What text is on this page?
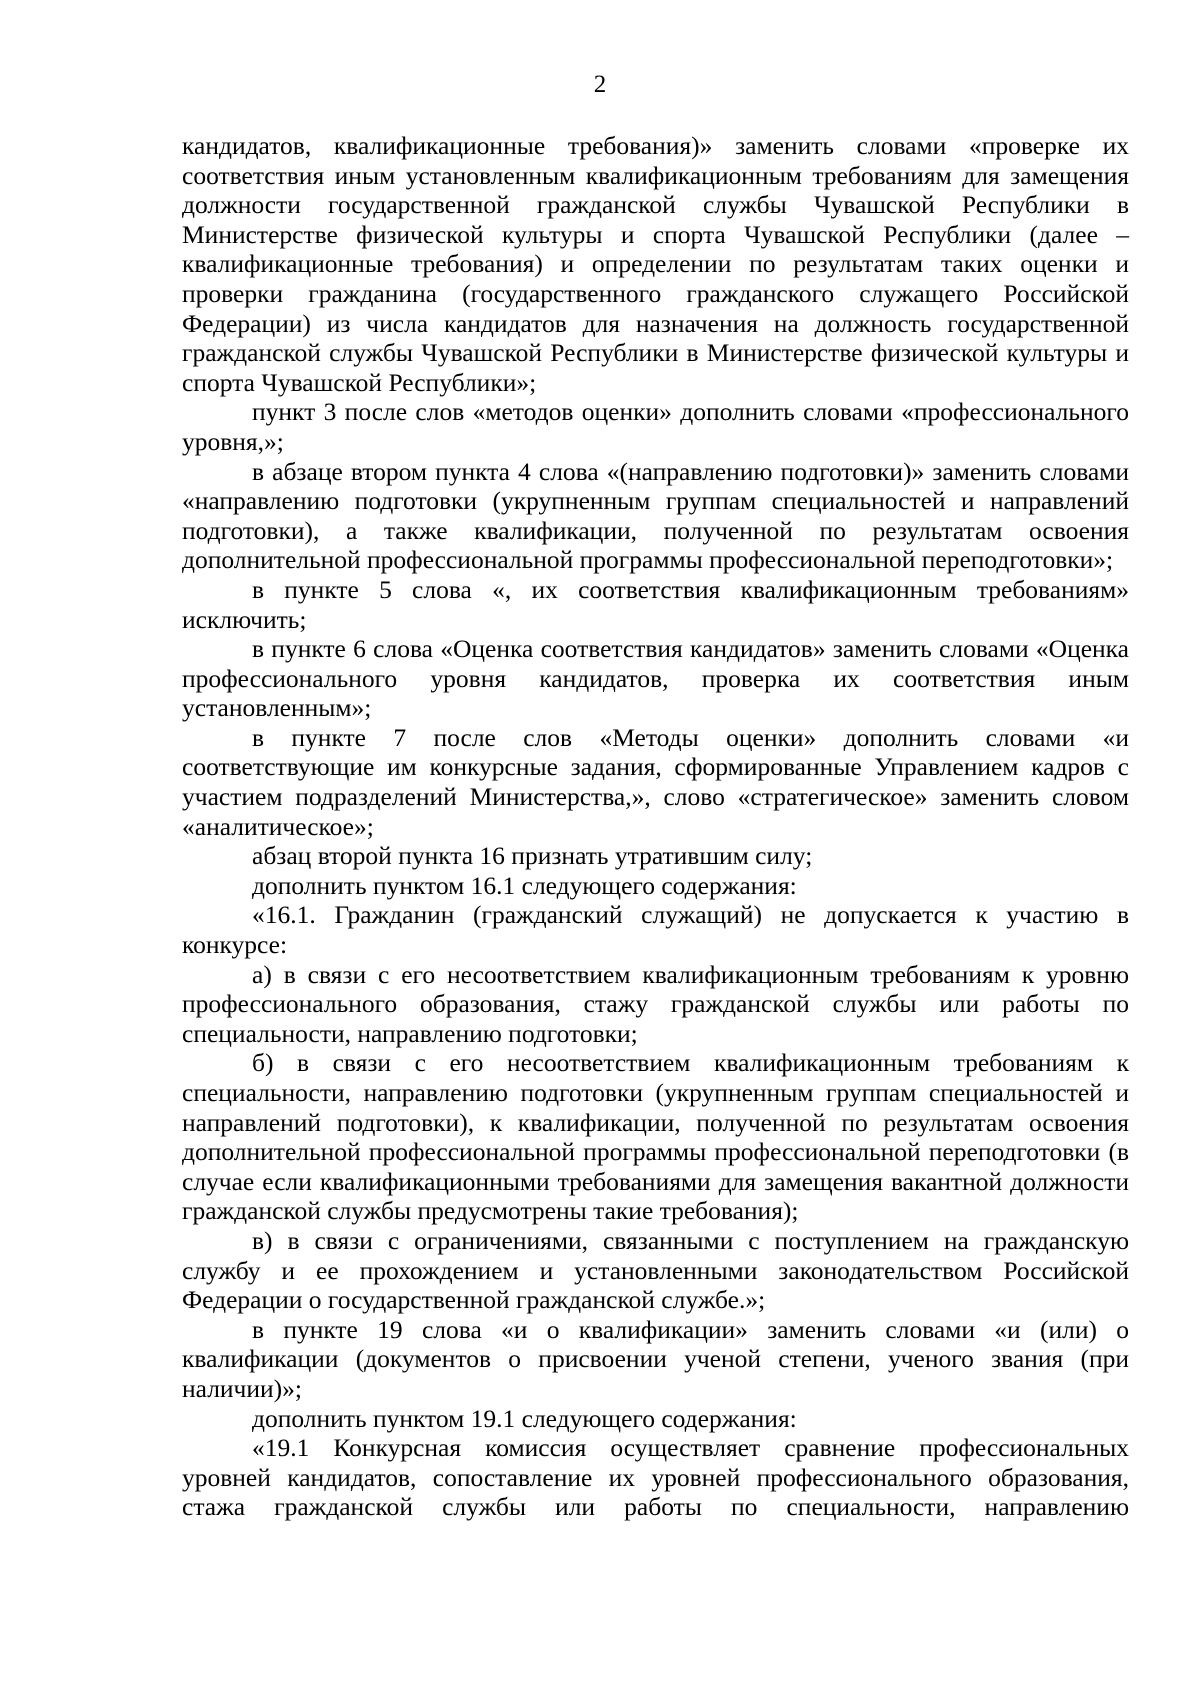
2

кандидатов, квалификационные требования)» заменить словами «проверке их соответствия иным установленным квалификационным требованиям для замещения должности государственной гражданской службы Чувашской Республики в Министерстве физической культуры и спорта Чувашской Республики (далее – квалификационные требования) и определении по результатам таких оценки и проверки гражданина (государственного гражданского служащего Российской Федерации) из числа кандидатов для назначения на должность государственной гражданской службы Чувашской Республики в Министерстве физической культуры и спорта Чувашской Республики»;

пункт 3 после слов «методов оценки» дополнить словами «профессионального уровня,»;

в абзаце втором пункта 4 слова «(направлению подготовки)» заменить словами «направлению подготовки (укрупненным группам специальностей и направлений подготовки), а также квалификации, полученной по результатам освоения дополнительной профессиональной программы профессиональной переподготовки»;

в пункте 5 слова «, их соответствия квалификационным требованиям» исключить;

в пункте 6 слова «Оценка соответствия кандидатов» заменить словами «Оценка профессионального уровня кандидатов, проверка их соответствия иным установленным»;

в пункте 7 после слов «Методы оценки» дополнить словами «и соответствующие им конкурсные задания, сформированные Управлением кадров с участием подразделений Министерства,», слово «стратегическое» заменить словом «аналитическое»;

абзац второй пункта 16 признать утратившим силу;

дополнить пунктом 16.1 следующего содержания:

«16.1. Гражданин (гражданский служащий) не допускается к участию в конкурсе:

а) в связи с его несоответствием квалификационным требованиям к уровню профессионального образования, стажу гражданской службы или работы по специальности, направлению подготовки;

б) в связи с его несоответствием квалификационным требованиям к специальности, направлению подготовки (укрупненным группам специальностей и направлений подготовки), к квалификации, полученной по результатам освоения дополнительной профессиональной программы профессиональной переподготовки (в случае если квалификационными требованиями для замещения вакантной должности гражданской службы предусмотрены такие требования);

в) в связи с ограничениями, связанными с поступлением на гражданскую службу и ее прохождением и установленными законодательством Российской Федерации о государственной гражданской службе.»;

в пункте 19 слова «и о квалификации» заменить словами «и (или) о квалификации (документов о присвоении ученой степени, ученого звания (при наличии)»;

дополнить пунктом 19.1 следующего содержания:

«19.1 Конкурсная комиссия осуществляет сравнение профессиональных уровней кандидатов, сопоставление их уровней профессионального образования, стажа гражданской службы или работы по специальности, направлению
